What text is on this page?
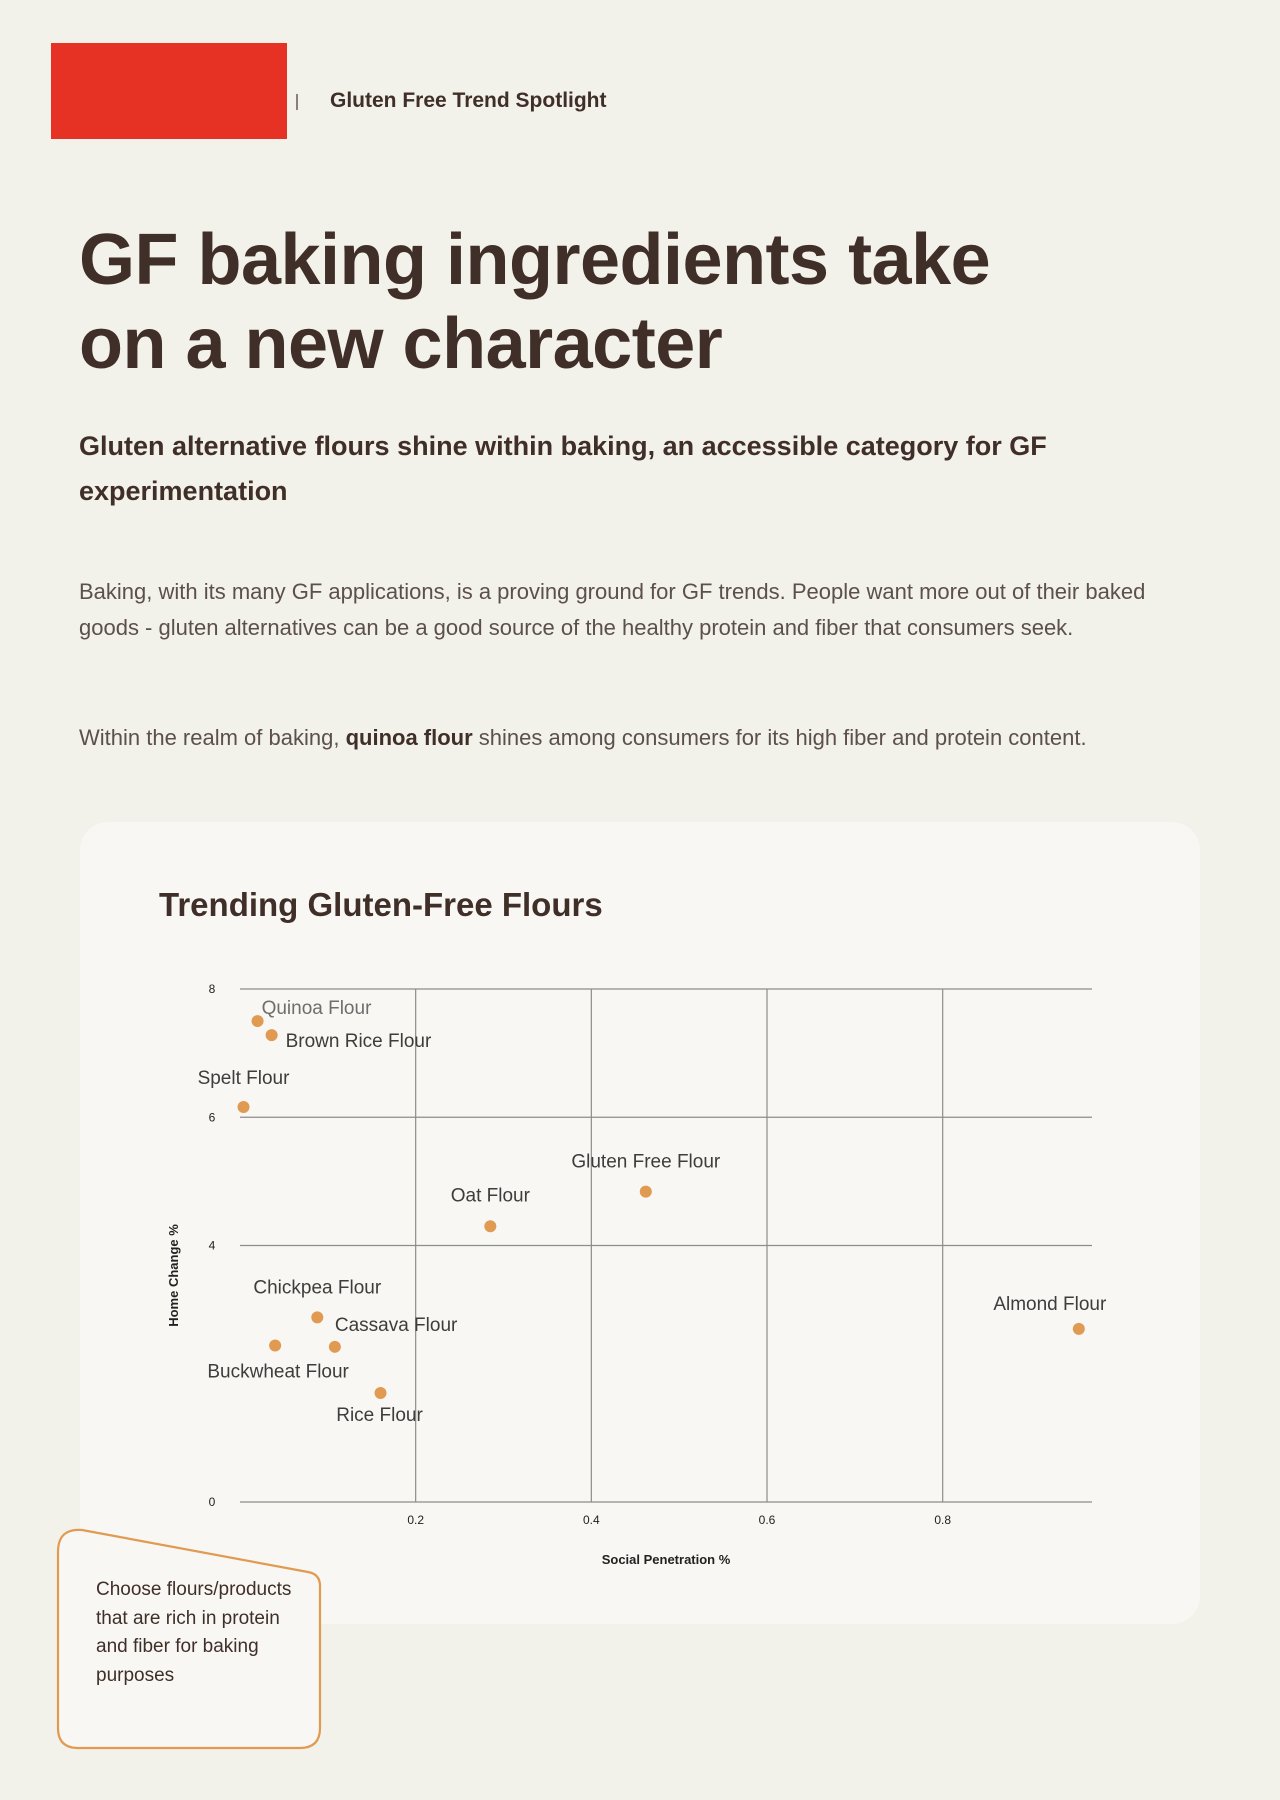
Gluten Free Trend Spotlight
GF baking ingredients take
on a new character

Gluten alternative flours shine within baking, an accessible category for GF experimentation

Baking, with its many GF applications, is a proving ground for GF trends. People want more out of their baked goods - gluten alternatives can be a good source of the healthy protein and fiber that consumers seek.

Within the realm of baking, quinoa flour shines among consumers for its high fiber and protein content.

Trending Gluten-Free Flours
0
4
6
8
0.2	0.4	0.6	0.8
Social Penetration %
Home Change %
Quinoa Flour
Brown Rice Flour
Spelt Flour
Gluten Free Flour
Oat Flour
Almond Flour
Chickpea Flour
Cassava Flour
Buckwheat Flour
Rice Flour

Choose flours/products that are rich in protein and fiber for baking purposes
